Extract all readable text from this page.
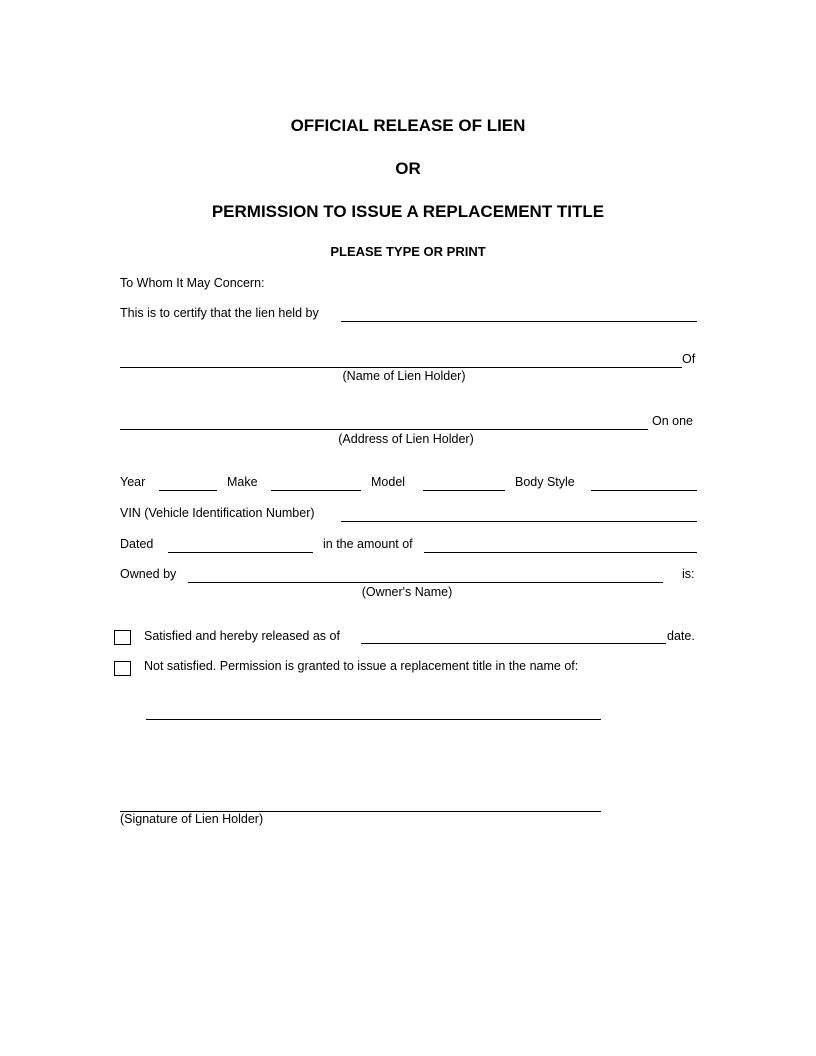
OFFICIAL RELEASE OF LIEN
OR
PERMISSION TO ISSUE A REPLACEMENT TITLE
PLEASE TYPE OR PRINT
To Whom It May Concern:
This is to certify that the lien held by
Of
(Name of Lien Holder)
On one
(Address of Lien Holder)
Year	Make	Model	Body Style
VIN (Vehicle Identification Number)
Dated	in the amount of
Owned by	is:
(Owner's Name)
Satisfied and hereby released as of	date.
Not satisfied. Permission is granted to issue a replacement title in the name of:
(Signature of Lien Holder)
